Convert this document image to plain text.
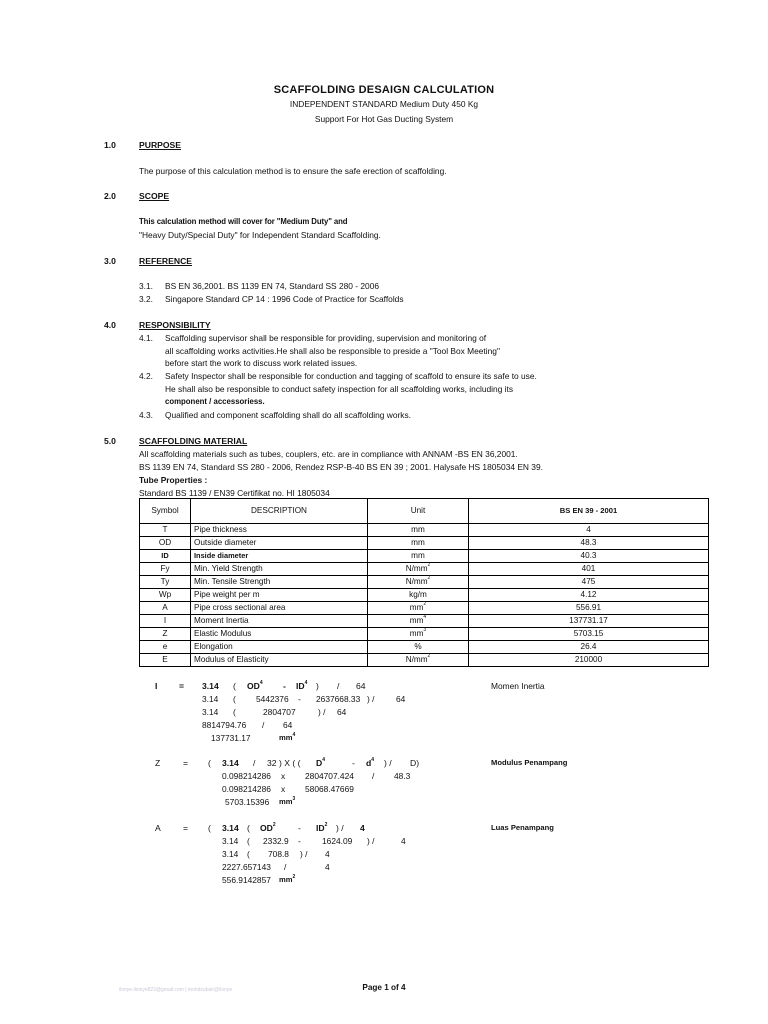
SCAFFOLDING DESAIGN CALCULATION
INDEPENDENT STANDARD Medium Duty 450 Kg
Support For Hot Gas Ducting System
1.0	PURPOSE
The purpose of this calculation method is to ensure the safe erection of scaffolding.
2.0	SCOPE
This calculation method will cover for "Medium Duty" and
"Heavy Duty/Special Duty" for Independent Standard Scaffolding.
3.0	REFERENCE
3.1. BS EN 36,2001. BS 1139 EN 74, Standard SS 280 - 2006
3.2. Singapore Standard CP 14 : 1996 Code of Practice for Scaffolds
4.0	RESPONSIBILITY
4.1. Scaffolding supervisor shall be responsible for providing, supervision and monitoring of
all scaffolding works activities.He shall also be responsible to preside a "Tool Box Meeting"
before start the work to discuss work related issues.
4.2. Safety Inspector shall be responsible for conduction and tagging of scaffold to ensure its safe to use.
He shall also be responsible to conduct safety inspection for all scaffolding works, including its
component / accessoriess.
4.3. Qualified and component scaffolding shall do all scaffolding works.
5.0	SCAFFOLDING MATERIAL
All scaffolding materials such as tubes, couplers, etc. are in compliance with ANNAM -BS EN 36,2001.
BS 1139 EN 74, Standard SS 280 - 2006, Rendez RSP-B-40 BS EN 39 ; 2001. Halysafe HS 1805034 EN 39.
Tube Properties :
Standard BS 1139 / EN39 Certifikat no. HI 1805034
Symbol	DESCRIPTION	Unit	BS EN 39 - 2001
T	Pipe thickness	mm	4
OD	Outside diameter	mm	48.3
ID	Inside diameter	mm	40.3
Fy	Min. Yield Strength	$N/mm^2$	401
Ty	Min. Tensile Strength	$N/mm^2$	475
Wp	Pipe weight per m	kg/m	4.12
A	Pipe cross sectional area	$mm^2$	556.91
I	Moment Inertia	$mm^4$	137731.17
Z	Elastic Modulus	$mm^3$	5703.15
e	Elongation	%	26.4
E	Modulus of Elasticity	$N/mm^2$	210000
I	= 3.14 ( $OD^4 - ID^4$ ) / 64	Momen Inertia
3.14 ( 5442376 - 2637668.33 ) /	64
3.14 (	2804707	) / 64
8814794.76 / 64
137731.17	$mm^4$
Z	= ( 3.14 / 32 ) X ( ( $D^4$	- $d^4$ ) / D)	Modulus Penampang
0.098214286 x 2804707.424 / 48.3
0.098214286 x 58068.47669
5703.15396 $mm^3$
A	= ( 3.14 ( $OD^2$	- $ID^2$ ) / 4	Luas Penampang
3.14 ( 2332.9 -	1624.09 ) /	4
3.14 ( 708.8 ) / 4
2227.657143 /	4
556.9142857 $mm^2$
ilonye.iloniye822@gmail.com | mohdzubair@ilonye	Page 1 of 4
